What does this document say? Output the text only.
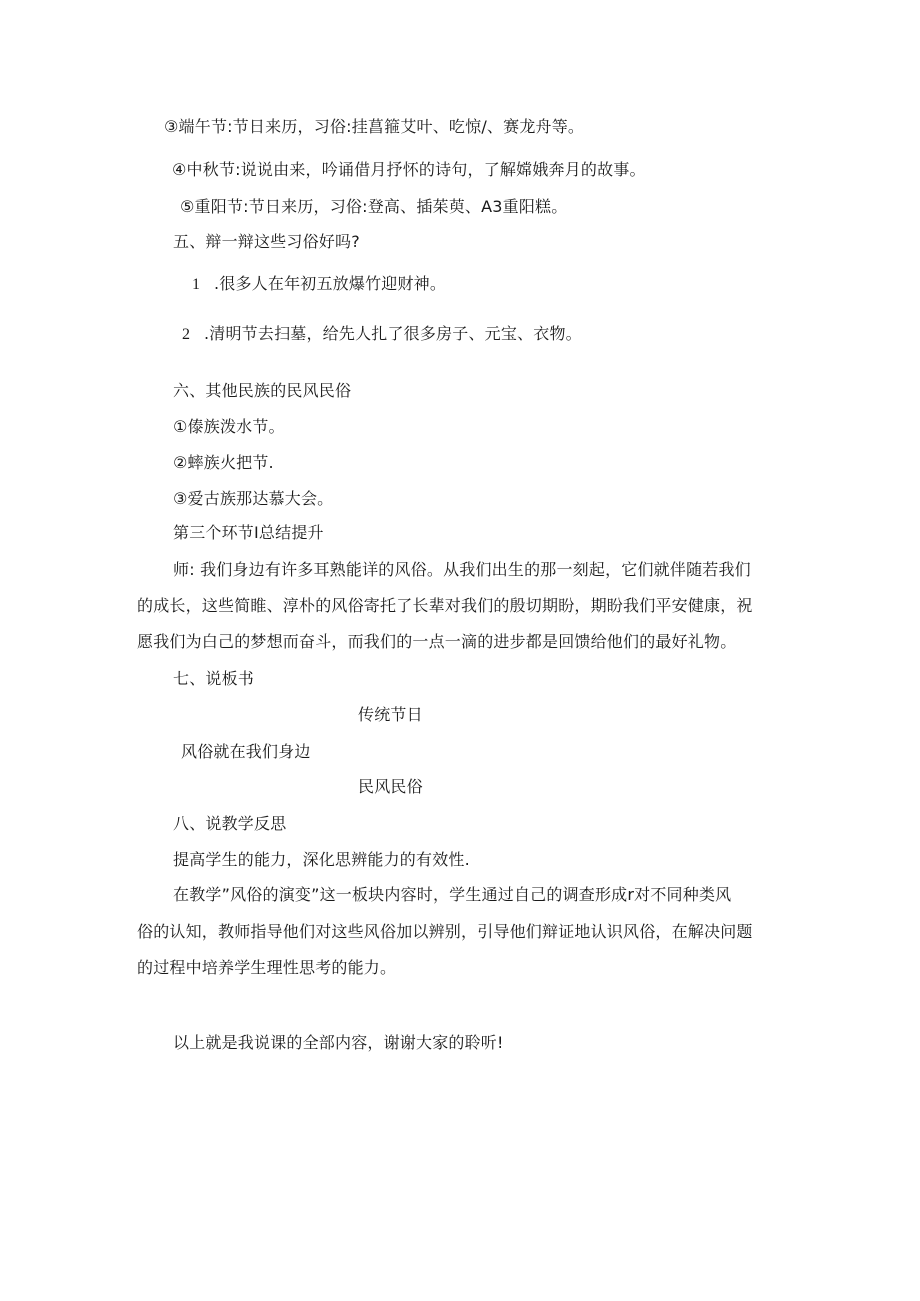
③端午节:节日来历，习俗:挂菖箍艾叶、吃惊/、赛龙舟等。
④中秋节:说说由来，吟诵借月抒怀的诗句，了解嫦娥奔月的故事。
⑤重阳节:节日来历，习俗:登高、插茱萸、A3重阳糕。
五、辩一辩这些习俗好吗?
1 .很多人在年初五放爆竹迎财神。
2 .清明节去扫墓，给先人扎了很多房子、元宝、衣物。
六、其他民族的民风民俗
①傣族泼水节。
②蟀族火把节.
③爱古族那达慕大会。
第三个环节I总结提升
师: 我们身边有许多耳熟能详的风俗。从我们出生的那一刻起，它们就伴随若我们
的成长，这些简睢、淳朴的风俗寄托了长辈对我们的殷切期盼，期盼我们平安健康，祝
愿我们为白己的梦想而奋斗，而我们的一点一滴的进步都是回馈给他们的最好礼物。
七、说板书
传统节日
风俗就在我们身边
民风民俗
八、说教学反思
提高学生的能力，深化思辨能力的有效性.
在教学”风俗的演变”这一板块内容时，学生通过自己的调查形成r对不同种类风
俗的认知，教师指导他们对这些风俗加以辨别，引导他们辩证地认识风俗，在解决问题
的过程中培养学生理性思考的能力。
以上就是我说课的全部内容，谢谢大家的聆听!
